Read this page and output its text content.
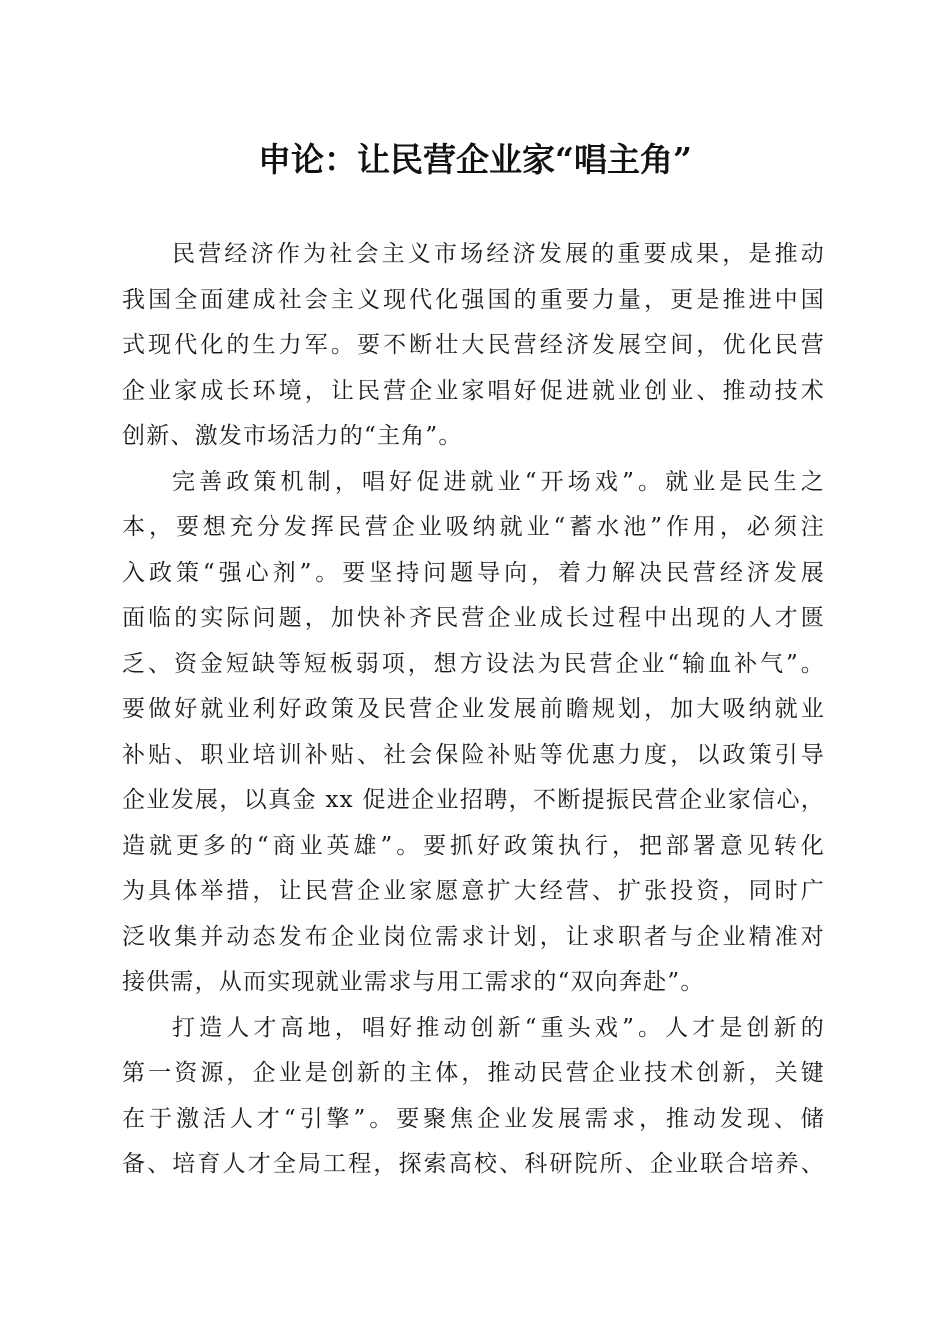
申论：让民营企业家“唱主角”
民营经济作为社会主义市场经济发展的重要成果，是推动
我国全面建成社会主义现代化强国的重要力量，更是推进中国
式现代化的生力军。要不断壮大民营经济发展空间，优化民营
企业家成长环境，让民营企业家唱好促进就业创业、推动技术
创新、激发市场活力的“主角”。
完善政策机制，唱好促进就业“开场戏”。就业是民生之
本，要想充分发挥民营企业吸纳就业“蓄水池”作用，必须注
入政策“强心剂”。要坚持问题导向，着力解决民营经济发展
面临的实际问题，加快补齐民营企业成长过程中出现的人才匮
乏、资金短缺等短板弱项，想方设法为民营企业“输血补气”。
要做好就业利好政策及民营企业发展前瞻规划，加大吸纳就业
补贴、职业培训补贴、社会保险补贴等优惠力度，以政策引导
企业发展，以真金 xx 促进企业招聘，不断提振民营企业家信心，
造就更多的“商业英雄”。要抓好政策执行，把部署意见转化
为具体举措，让民营企业家愿意扩大经营、扩张投资，同时广
泛收集并动态发布企业岗位需求计划，让求职者与企业精准对
接供需，从而实现就业需求与用工需求的“双向奔赴”。
打造人才高地，唱好推动创新“重头戏”。人才是创新的
第一资源，企业是创新的主体，推动民营企业技术创新，关键
在于激活人才“引擎”。要聚焦企业发展需求，推动发现、储
备、培育人才全局工程，探索高校、科研院所、企业联合培养、
